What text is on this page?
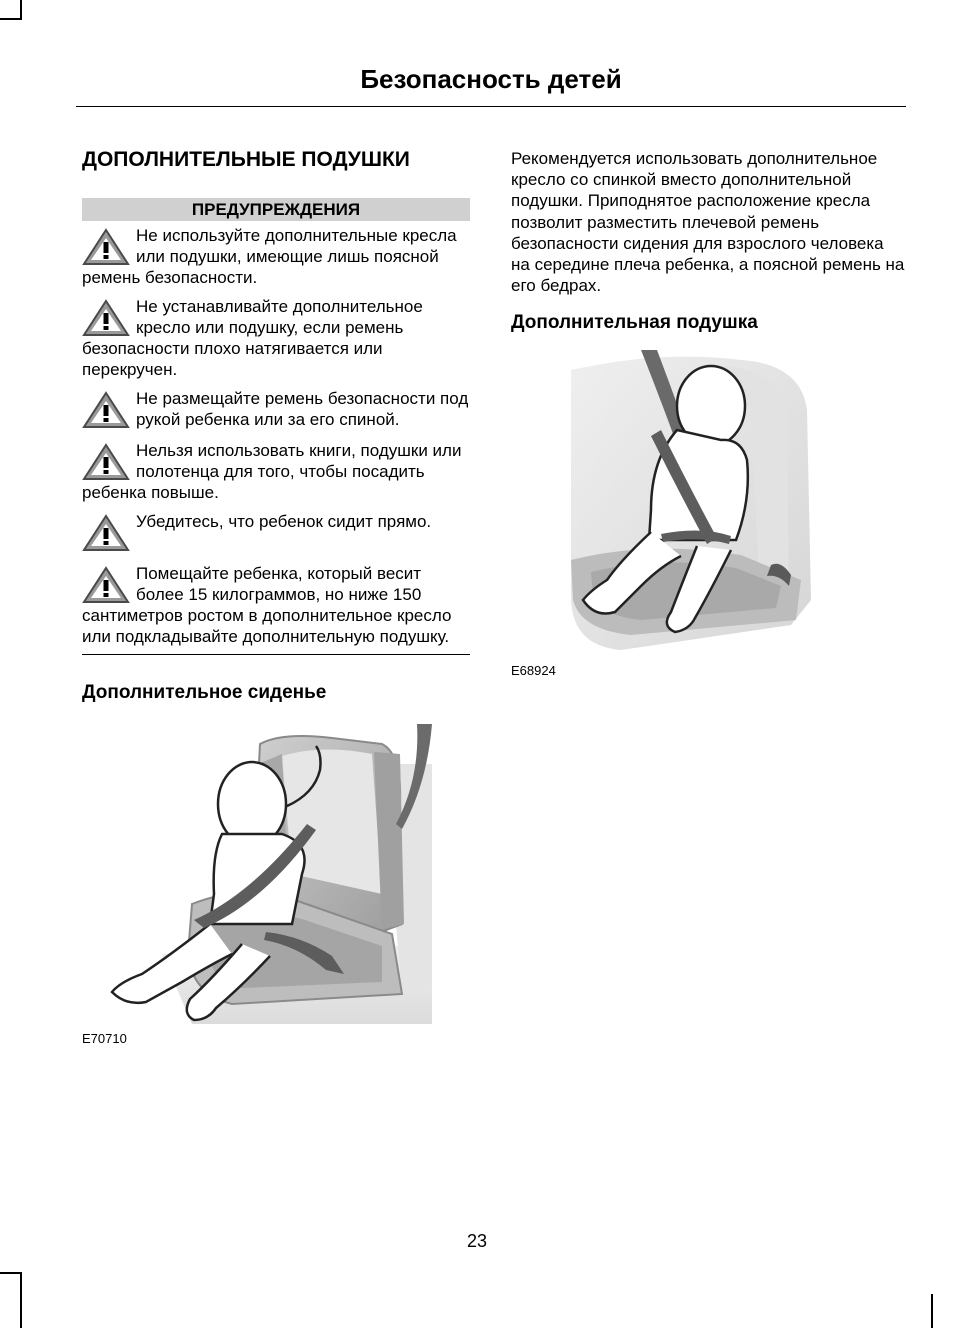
Безопасность детей
ДОПОЛНИТЕЛЬНЫЕ ПОДУШКИ
ПРЕДУПРЕЖДЕНИЯ
Не используйте дополнительные кресла или подушки, имеющие лишь поясной ремень безопасности.
Не устанавливайте дополнительное кресло или подушку, если ремень безопасности плохо натягивается или перекручен.
Не размещайте ремень безопасности под рукой ребенка или за его спиной.
Нельзя использовать книги, подушки или полотенца для того, чтобы посадить ребенка повыше.
Убедитесь, что ребенок сидит прямо.
Помещайте ребенка, который весит более 15 килограммов, но ниже 150 сантиметров ростом в дополнительное кресло или подкладывайте дополнительную подушку.
Дополнительное сиденье
E70710

Рекомендуется использовать дополнительное кресло со спинкой вместо дополнительной подушки. Приподнятое расположение кресла позволит разместить плечевой ремень безопасности сидения для взрослого человека на середине плеча ребенка, а поясной ремень на его бедрах.

Дополнительная подушка
E68924
23
